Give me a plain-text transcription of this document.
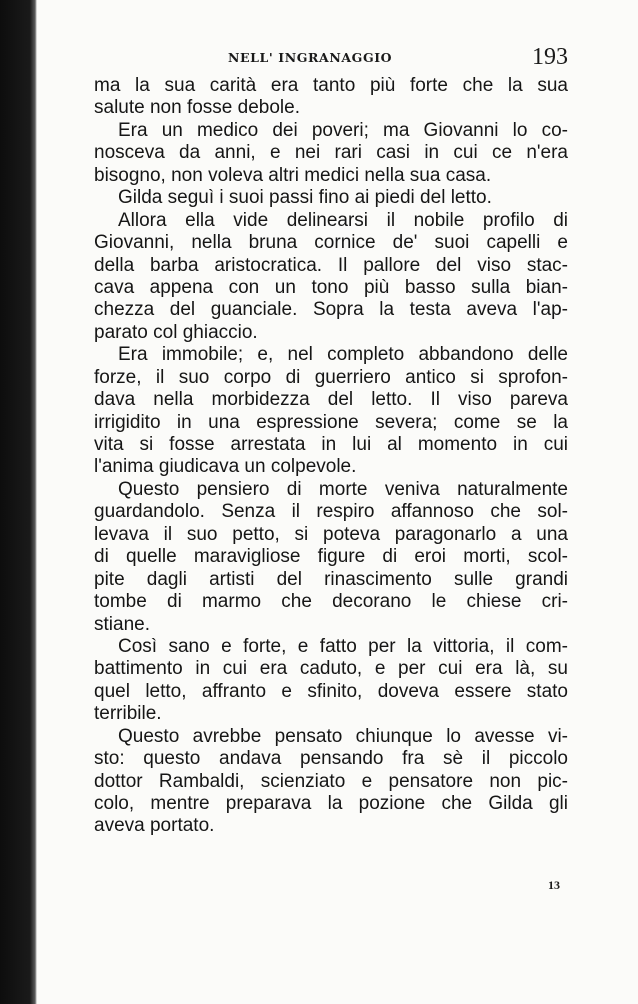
NELL' INGRANAGGIO	193
ma la sua carità era tanto più forte che la sua
salute non fosse debole.
Era un medico dei poveri; ma Giovanni lo co-
nosceva da anni, e nei rari casi in cui ce n'era
bisogno, non voleva altri medici nella sua casa.
Gilda seguì i suoi passi fino ai piedi del letto.
Allora ella vide delinearsi il nobile profilo di
Giovanni, nella bruna cornice de' suoi capelli e
della barba aristocratica. Il pallore del viso stac-
cava appena con un tono più basso sulla bian-
chezza del guanciale. Sopra la testa aveva l'ap-
parato col ghiaccio.
Era immobile; e, nel completo abbandono delle
forze, il suo corpo di guerriero antico si sprofon-
dava nella morbidezza del letto. Il viso pareva
irrigidito in una espressione severa; come se la
vita si fosse arrestata in lui al momento in cui
l'anima giudicava un colpevole.
Questo pensiero di morte veniva naturalmente
guardandolo. Senza il respiro affannoso che sol-
levava il suo petto, si poteva paragonarlo a una
di quelle maravigliose figure di eroi morti, scol-
pite dagli artisti del rinascimento sulle grandi
tombe di marmo che decorano le chiese cri-
stiane.
Così sano e forte, e fatto per la vittoria, il com-
battimento in cui era caduto, e per cui era là, su
quel letto, affranto e sfinito, doveva essere stato
terribile.
Questo avrebbe pensato chiunque lo avesse vi-
sto: questo andava pensando fra sè il piccolo
dottor Rambaldi, scienziato e pensatore non pic-
colo, mentre preparava la pozione che Gilda gli
aveva portato.
13
